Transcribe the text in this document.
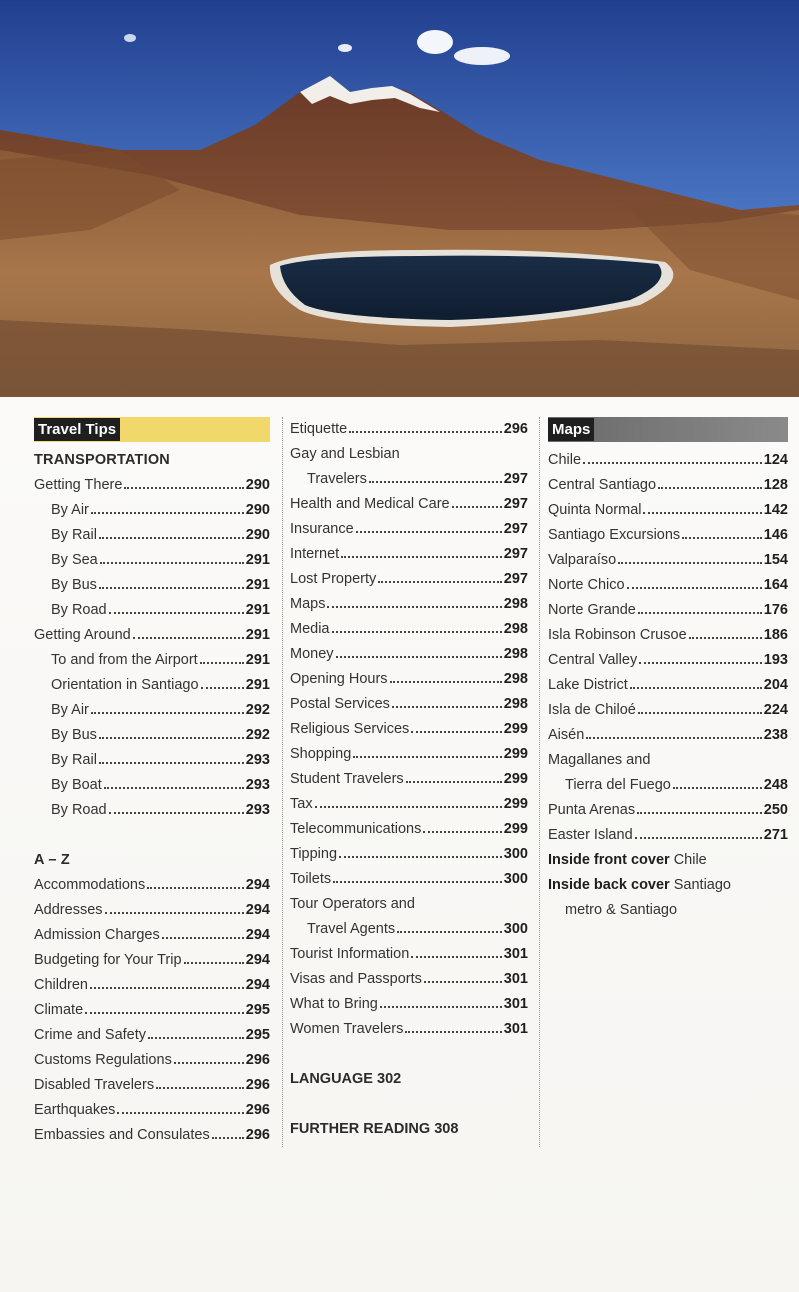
Travel Tips
TRANSPORTATION
Getting There	290
By Air	290
By Rail	290
By Sea	291
By Bus	291
By Road	291
Getting Around	291
To and from the Airport	291
Orientation in Santiago	291
By Air	292
By Bus	292
By Rail	293
By Boat	293
By Road	293
A – Z
Accommodations	294
Addresses	294
Admission Charges	294
Budgeting for Your Trip	294
Children	294
Climate	295
Crime and Safety	295
Customs Regulations	296
Disabled Travelers	296
Earthquakes	296
Embassies and Consulates 296
Etiquette	296
Gay and Lesbian
Travelers	297
Health and Medical Care	297
Insurance	297
Internet	297
Lost Property	297
Maps	298
Media	298
Money	298
Opening Hours	298
Postal Services	298
Religious Services	299
Shopping	299
Student Travelers	299
Tax	299
Telecommunications	299
Tipping	300
Toilets	300
Tour Operators and
Travel Agents	300
Tourist Information	301
Visas and Passports	301
What to Bring	301
Women Travelers	301
LANGUAGE 302
FURTHER READING 308
Maps
Chile	124
Central Santiago	128
Quinta Normal	142
Santiago Excursions	146
Valparaíso	154
Norte Chico	164
Norte Grande	176
Isla Robinson Crusoe	186
Central Valley	193
Lake District	204
Isla de Chiloé	224
Aisén	238
Magallanes and
Tierra del Fuego	248
Punta Arenas	250
Easter Island	271
Inside front cover Chile
Inside back cover Santiago
metro & Santiago
